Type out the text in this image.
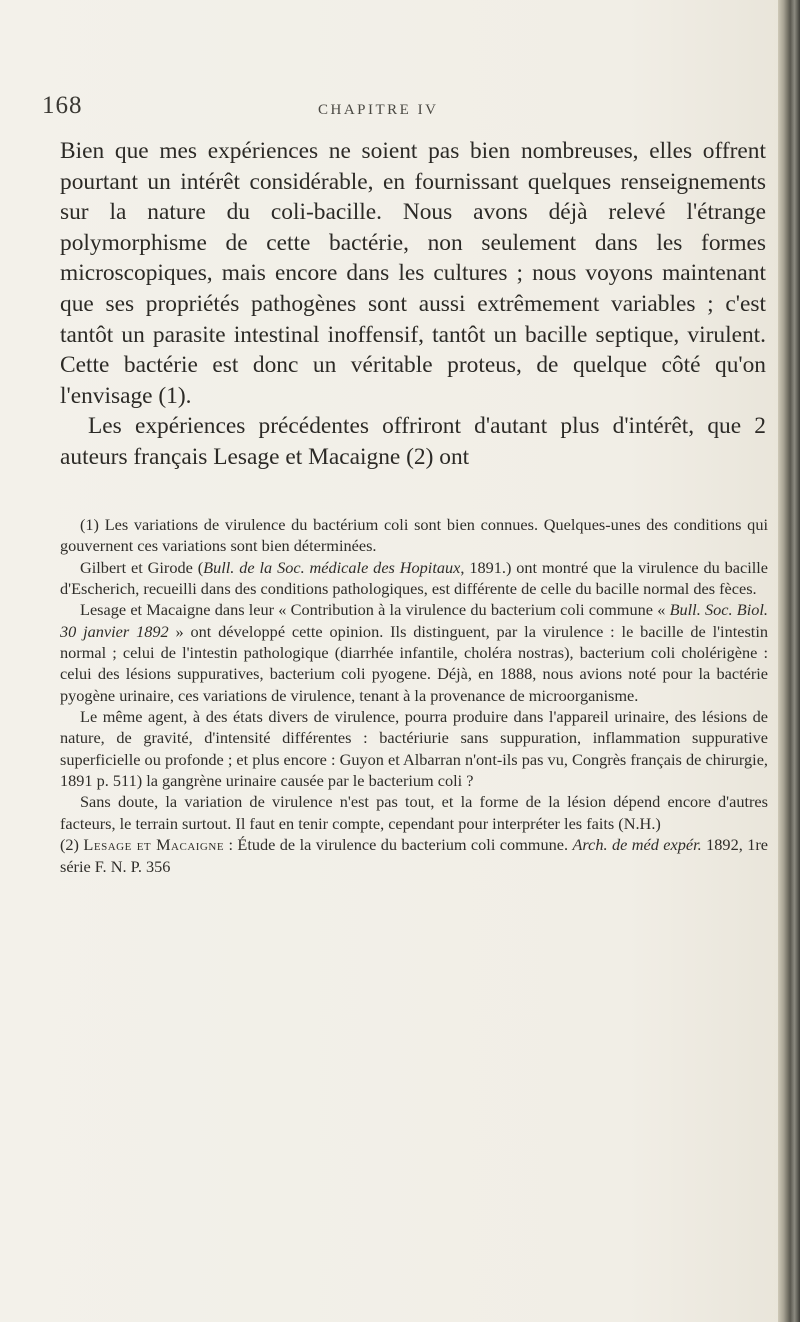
168	CHAPITRE IV

Bien que mes expériences ne soient pas bien nombreuses, elles offrent pourtant un intérêt considérable, en fournissant quelques renseignements sur la nature du coli-bacille. Nous avons déjà relevé l'étrange polymorphisme de cette bactérie, non seulement dans les formes microscopiques, mais encore dans les cultures ; nous voyons maintenant que ses propriétés pathogènes sont aussi extrêmement variables ; c'est tantôt un parasite intestinal inoffensif, tantôt un bacille septique, virulent. Cette bactérie est donc un véritable proteus, de quelque côté qu'on l'envisage (1).

Les expériences précédentes offriront d'autant plus d'intérêt, que 2 auteurs français Lesage et Macaigne (2) ont

(1) Les variations de virulence du bactérium coli sont bien connues. Quelques-unes des conditions qui gouvernent ces variations sont bien déterminées.

Gilbert et Girode (Bull. de la Soc. médicale des Hopitaux, 1891.) ont montré que la virulence du bacille d'Escherich, recueilli dans des conditions pathologiques, est différente de celle du bacille normal des fèces.

Lesage et Macaigne dans leur « Contribution à la virulence du bacterium coli commune « Bull. Soc. Biol. 30 janvier 1892 » ont développé cette opinion. Ils distinguent, par la virulence : le bacille de l'intestin normal ; celui de l'intestin pathologique (diarrhée infantile, choléra nostras), bacterium coli cholérigène : celui des lésions suppuratives, bacterium coli pyogene. Déjà, en 1888, nous avions noté pour la bactérie pyogène urinaire, ces variations de virulence, tenant à la provenance de microorganisme.

Le même agent, à des états divers de virulence, pourra produire dans l'appareil urinaire, des lésions de nature, de gravité, d'intensité différentes : bactériurie sans suppuration, inflammation suppurative superficielle ou profonde ; et plus encore : Guyon et Albarran n'ont-ils pas vu, Congrès français de chirurgie, 1891 p. 511) la gangrène urinaire causée par le bacterium coli ?

Sans doute, la variation de virulence n'est pas tout, et la forme de la lésion dépend encore d'autres facteurs, le terrain surtout. Il faut en tenir compte, cependant pour interpréter les faits (N.H.)

(2) Lesage et Macaigne : Étude de la virulence du bacterium coli commune. Arch. de méd expér. 1892, 1re série F. N. P. 356
